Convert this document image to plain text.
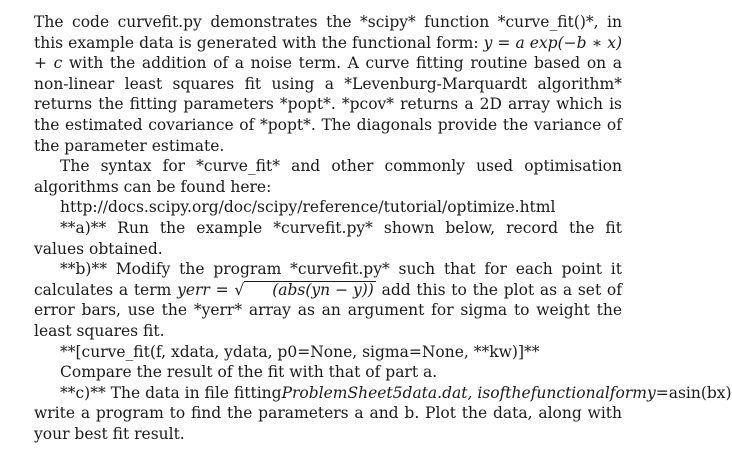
The code curvefit.py demonstrates the *scipy* function *curve_fit()*, in this example data is generated with the functional form: y = a exp(−b ∗ x) + c with the addition of a noise term. A curve fitting routine based on a non-linear least squares fit using a *Levenburg-Marquardt algorithm* returns the fitting parameters *popt*. *pcov* returns a 2D array which is the estimated covariance of *popt*. The diagonals provide the variance of the parameter estimate.

The syntax for *curve_fit* and other commonly used optimisation algorithms can be found here:

http://docs.scipy.org/doc/scipy/reference/tutorial/optimize.html

**a)** Run the example *curvefit.py* shown below, record the fit values obtained.

**b)** Modify the program *curvefit.py* such that for each point it calculates a term yerr = √ (abs(yn − y)) add this to the plot as a set of error bars, use the *yerr* array as an argument for sigma to weight the least squares fit.

**[curve_fit(f, xdata, ydata, p0=None, sigma=None, **kw)]**
Compare the result of the fit with that of part a.
**c)** The data in file fittingProblemSheet5data.dat, isofthefunctionalformy=asin(bx)

write a program to find the parameters a and b. Plot the data, along with your best fit result.
